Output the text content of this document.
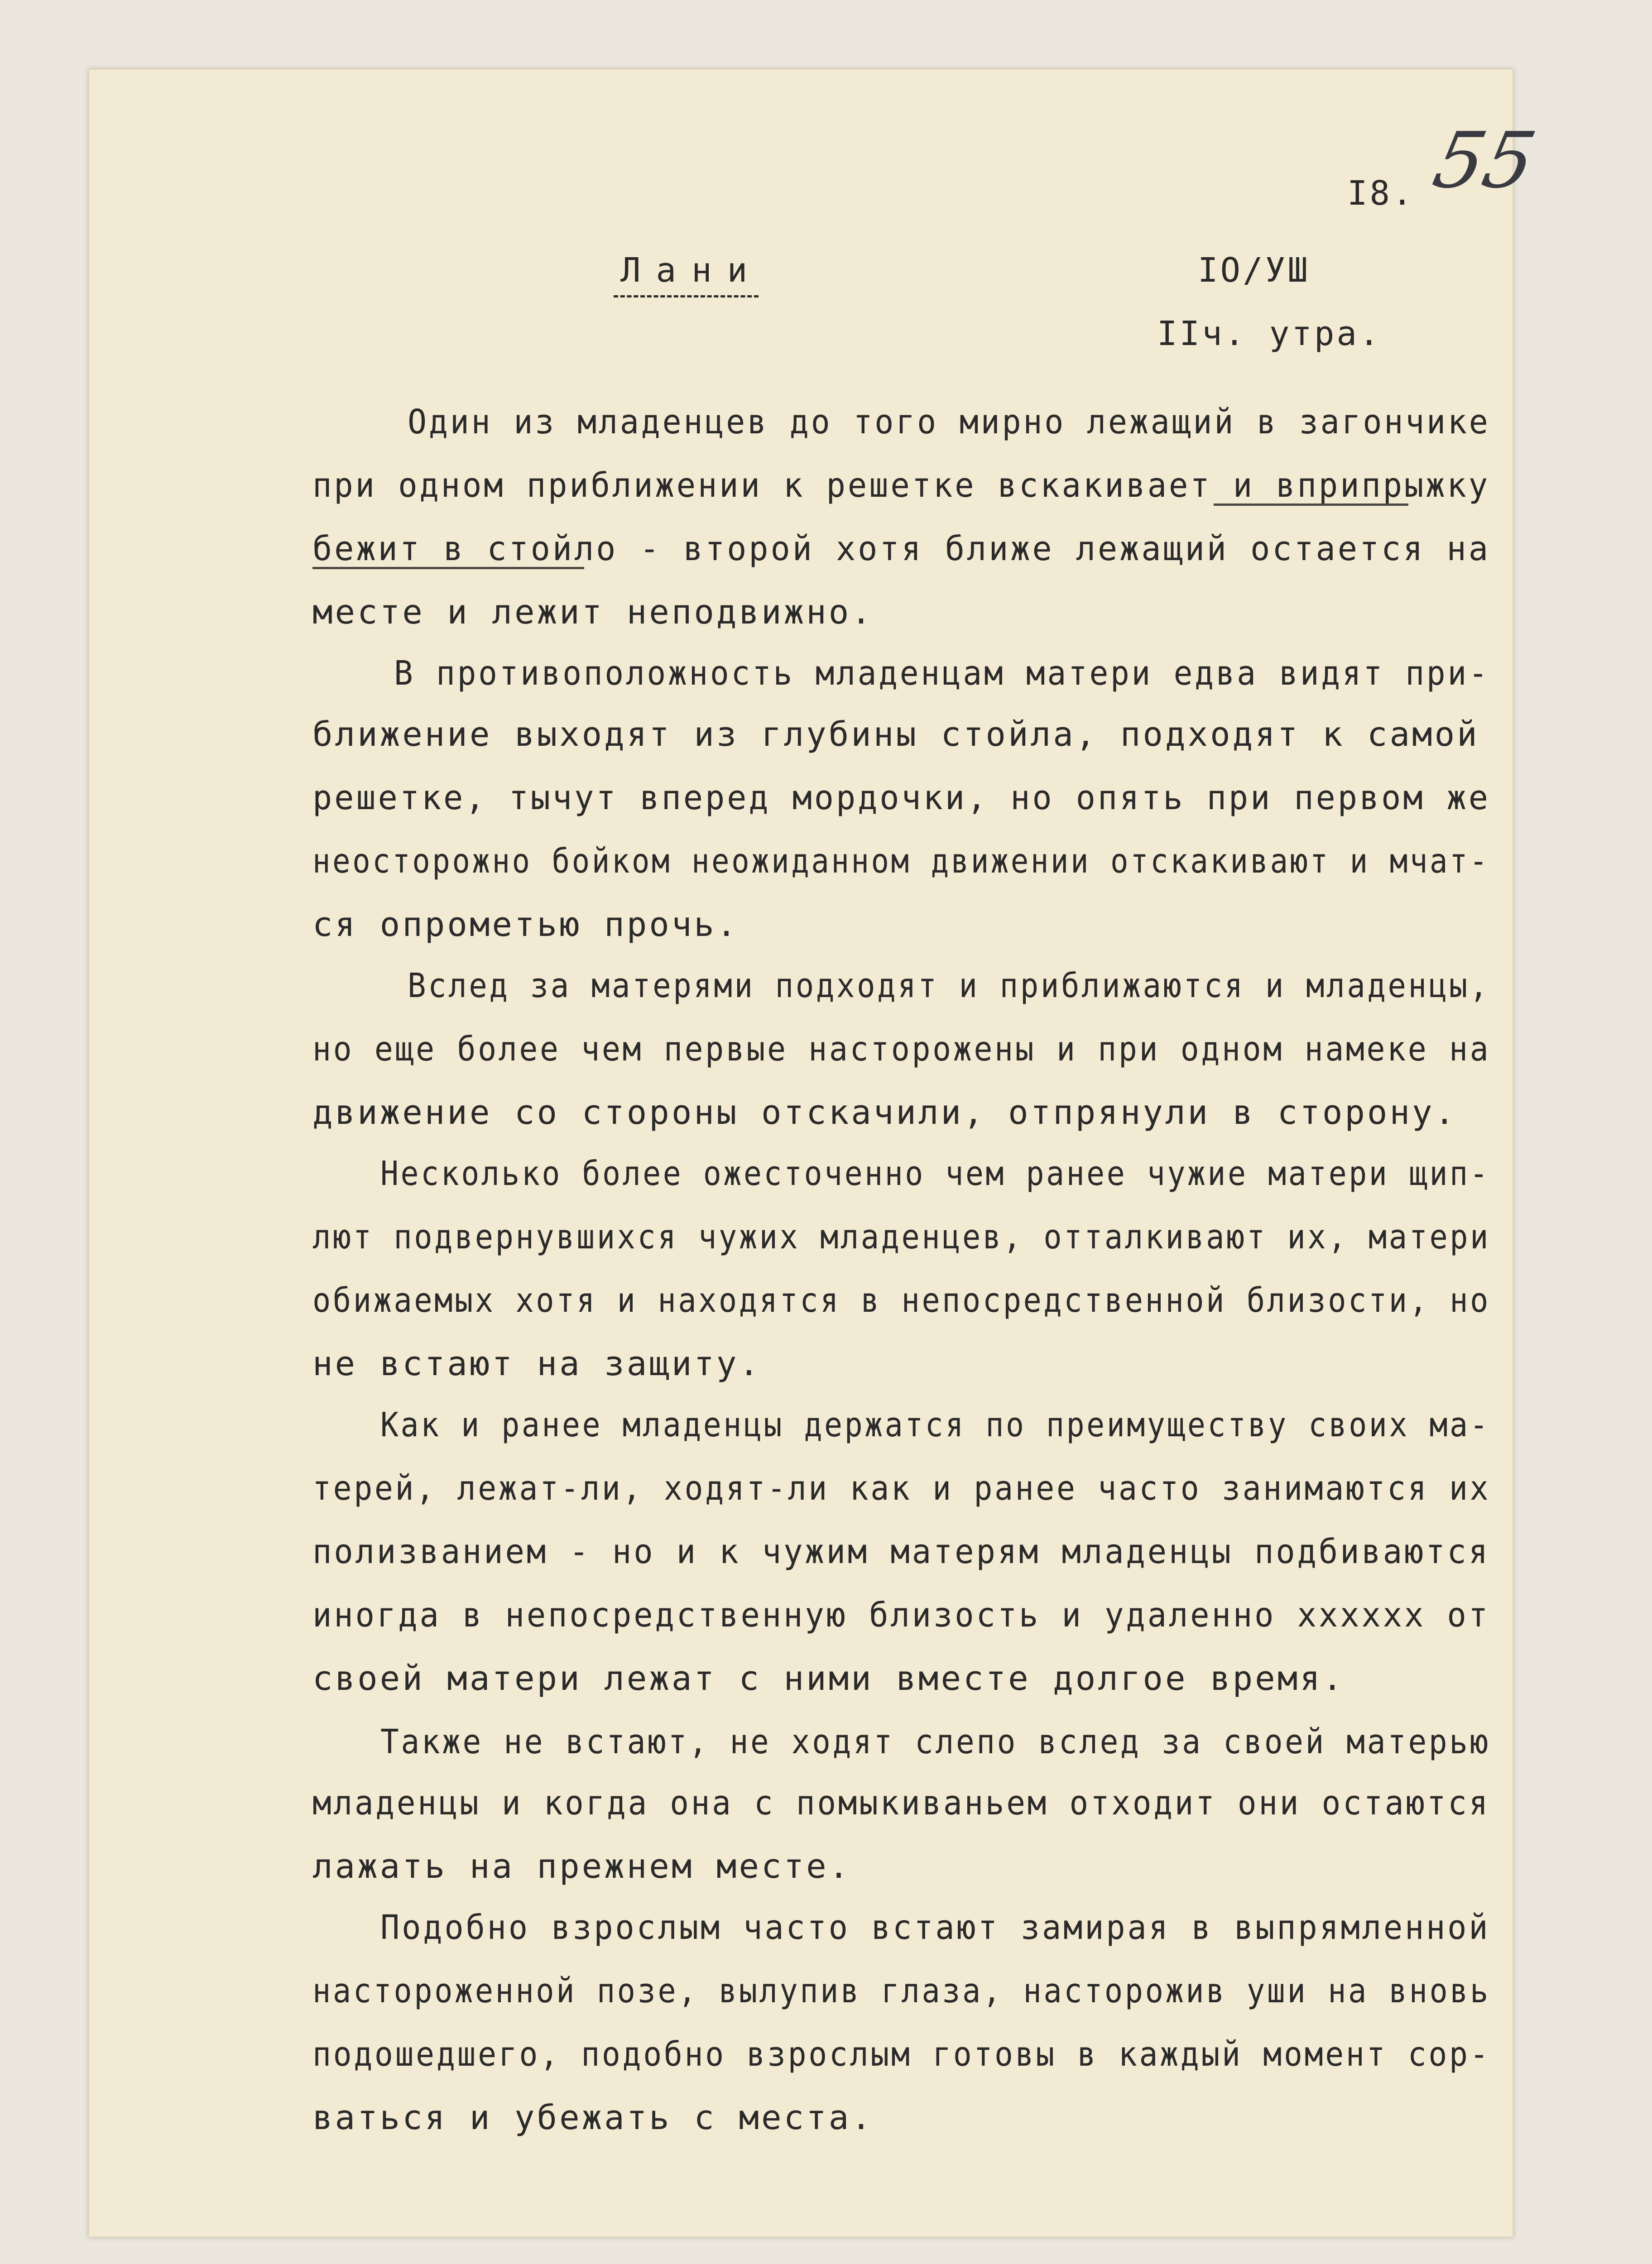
55
I8.
Лани	IO/УШ
IIч. утра.
Один из младенцев до того мирно лежащий в загончике
при одном приближении к решетке вскакивает и вприпрыжку
бежит в стойло - второй хотя ближе лежащий остается на
месте и лежит неподвижно.
В противоположность младенцам матери едва видят при-
ближение выходят из глубины стойла, подходят к самой
решетке, тычут вперед мордочки, но опять при первом же
неосторожно бойком неожиданном движении отскакивают и мчат-
ся опрометью прочь.
Вслед за матерями подходят и приближаются и младенцы,
но еще более чем первые насторожены и при одном намеке на
движение со стороны отскачили, отпрянули в сторону.
Несколько более ожесточенно чем ранее чужие матери щип-
лют подвернувшихся чужих младенцев, отталкивают их, матери
обижаемых хотя и находятся в непосредственной близости, но
не встают на защиту.
Как и ранее младенцы держатся по преимуществу своих ма-
терей, лежат-ли, ходят-ли как и ранее часто занимаются их
полизванием - но и к чужим матерям младенцы подбиваются
иногда в непосредственную близость и удаленно хххххх от
своей матери лежат с ними вместе долгое время.
Также не встают, не ходят слепо вслед за своей матерью
младенцы и когда она с помыкиваньем отходит они остаются
лажать на прежнем месте.
Подобно взрослым часто встают замирая в выпрямленной
настороженной позе, вылупив глаза, насторожив уши на вновь
подошедшего, подобно взрослым готовы в каждый момент сор-
ваться и убежать с места.
